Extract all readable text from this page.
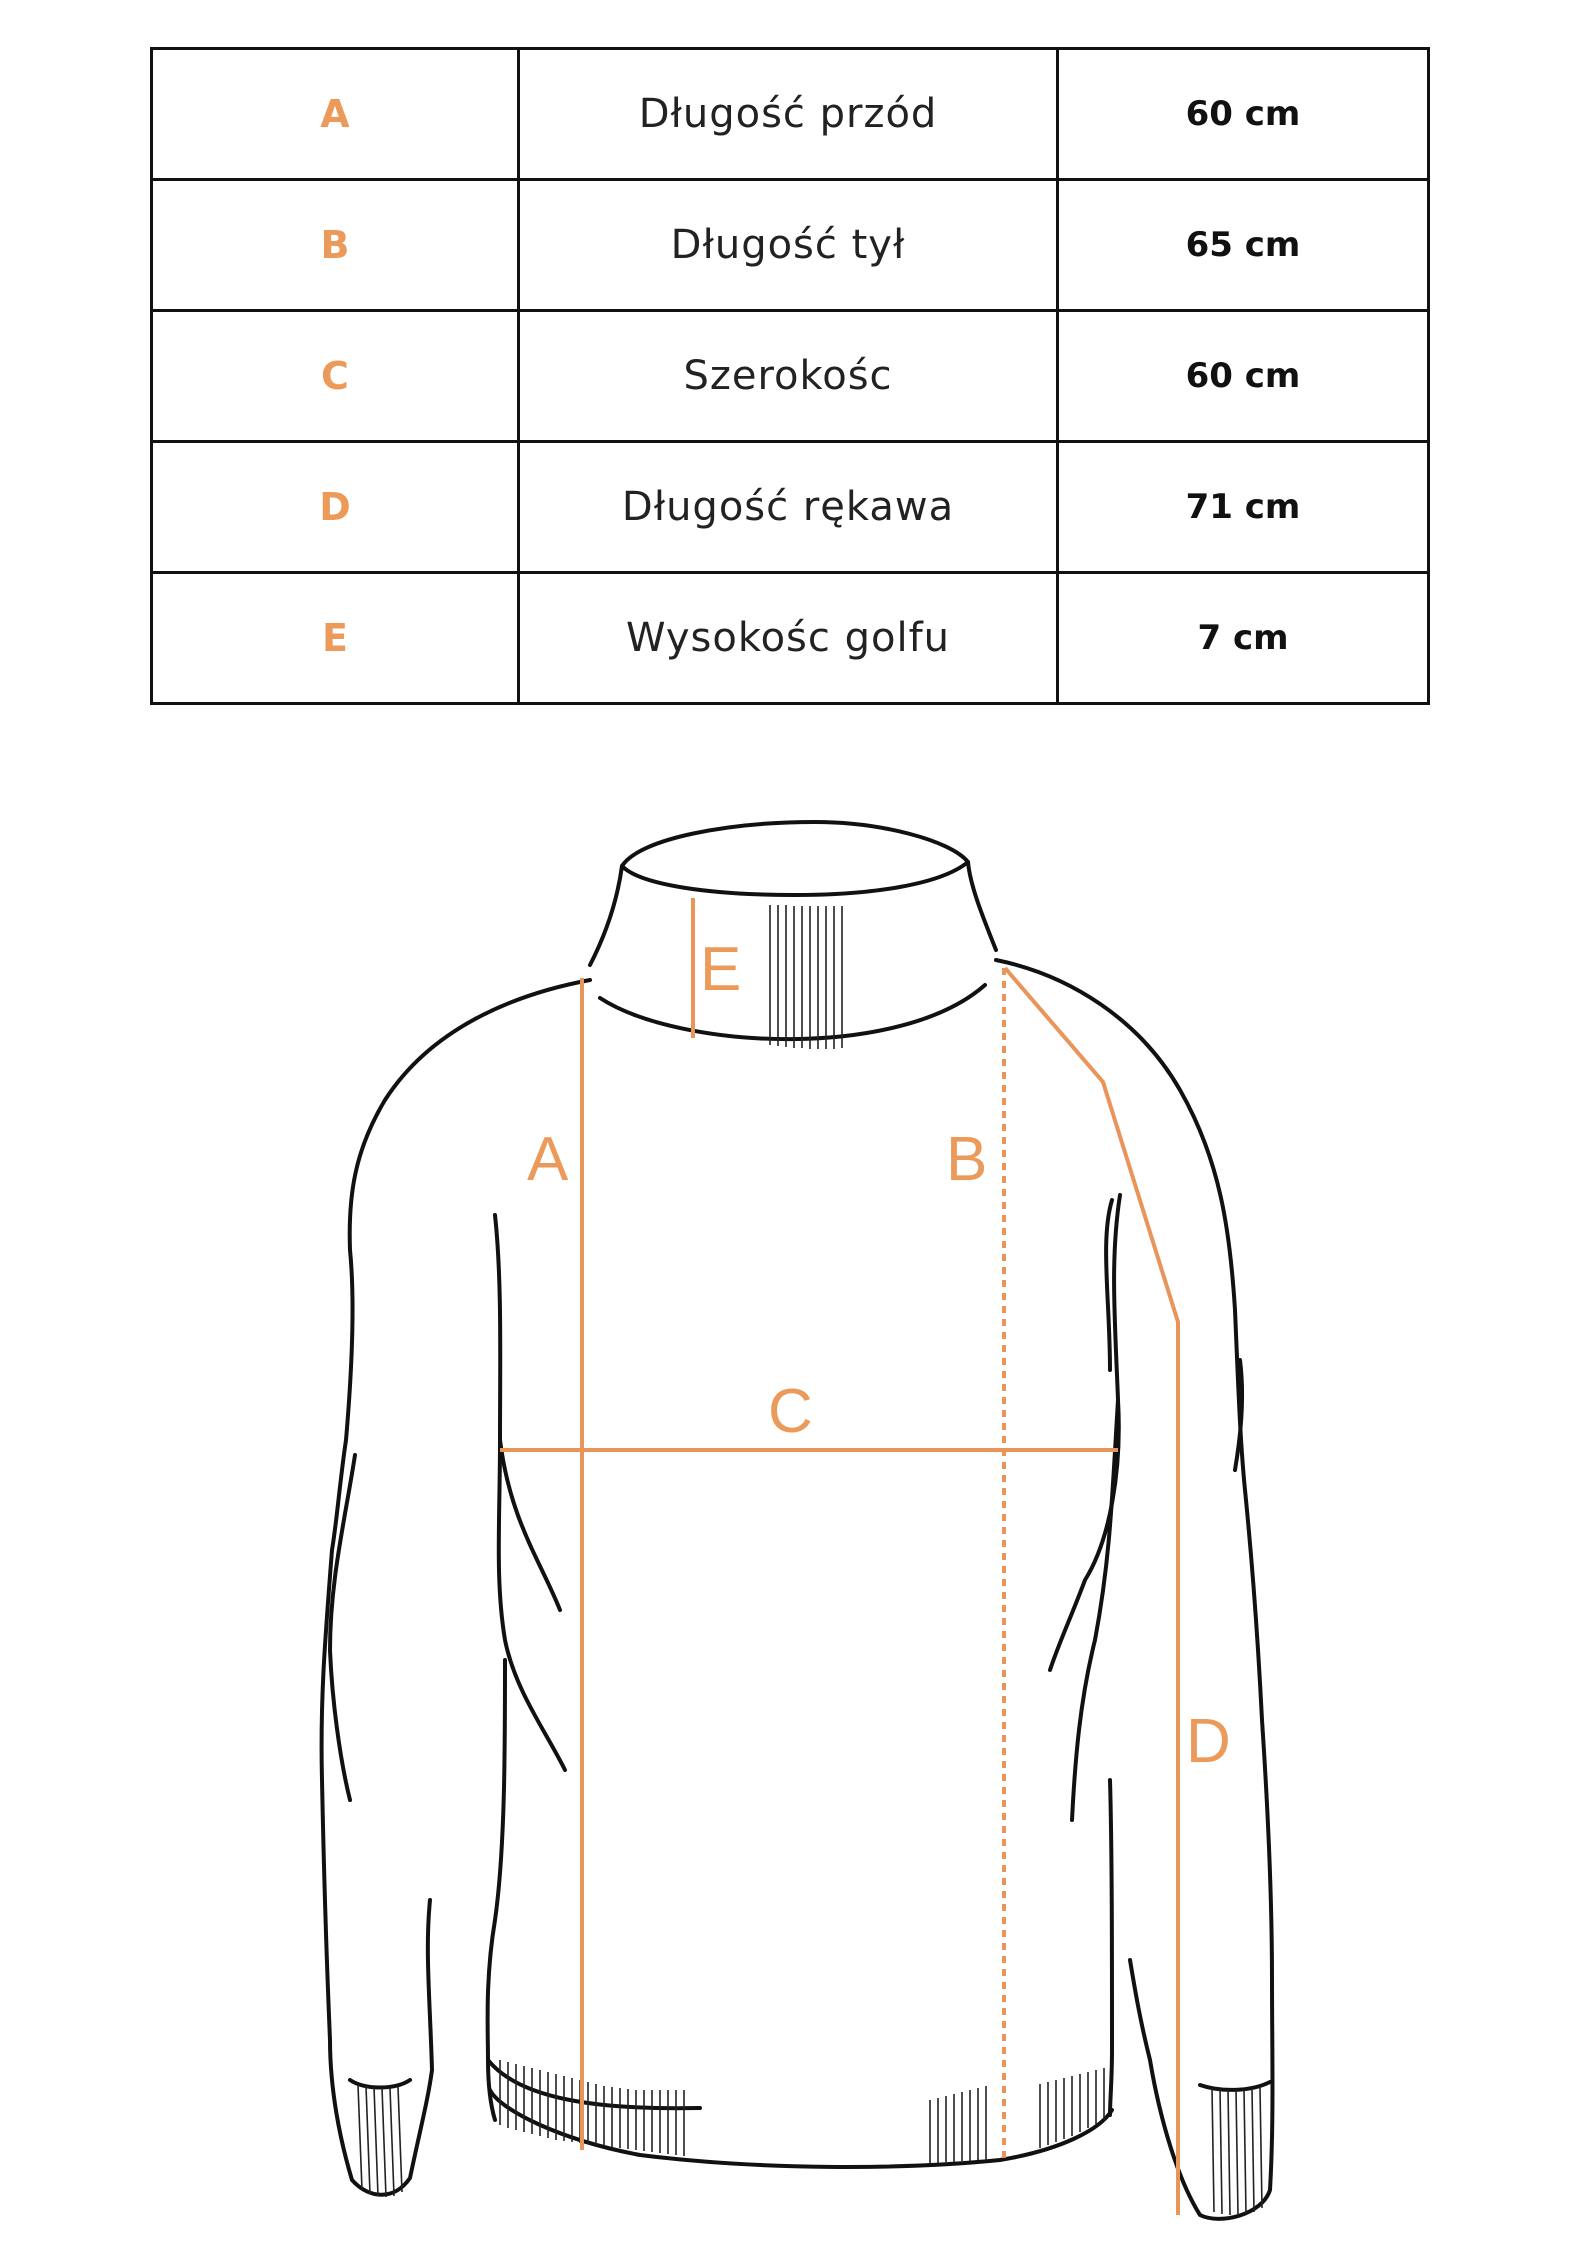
A	Długość przód	60 cm
B	Długość tył	65 cm
C	Szerokośc	60 cm
D	Długość rękawa	71 cm
E	Wysokośc golfu	7 cm
A	B
C
D
E
